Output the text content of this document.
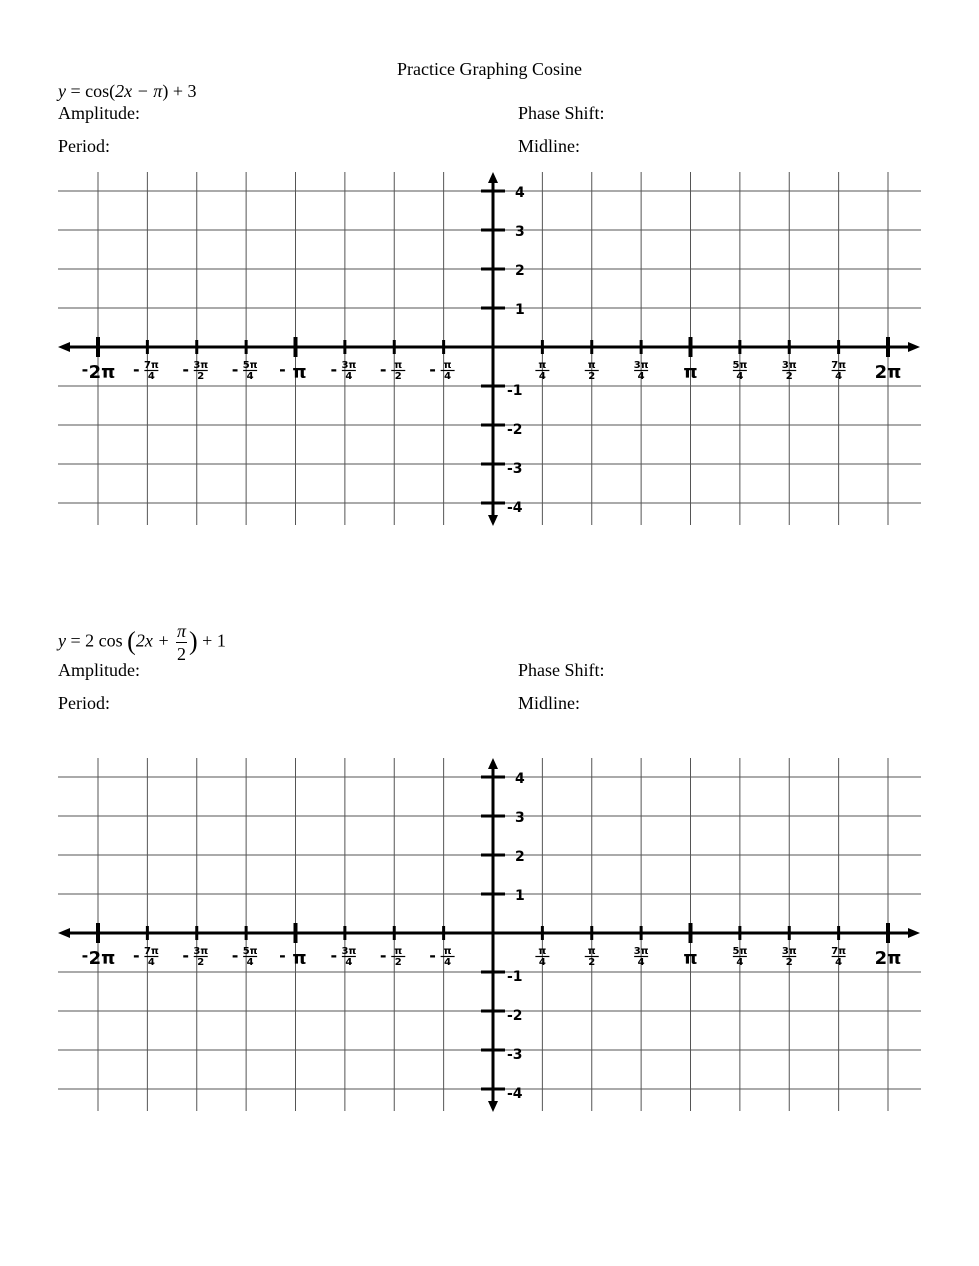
Practice Graphing Cosine
y = cos(2x − π) + 3
Amplitude:	Phase Shift:
Period:	Midline:
2π
-	7π
4
-	3π
2
-	5π
4
-	π
-	3π
4
-	π
2
-	π
4
-	π
4
π
2
3π
4 π	5π
4
3π
2
7π
4 2π
4
3
2
1
-1
-2
-3
-4
y = 2 $\cos (2x + \frac{\pi}{2}$ ) + 1
Amplitude:	Phase Shift:
Period:	Midline:
2π
-	7π
4
-	3π
2
-	5π
4
-	π
-	3π
4
-	π
2
-	π
4
-	π
4
π
2
3π
4 π	5π
4
3π
2
7π
4 2π
4
3
2
1
-1
-2
-3
-4
